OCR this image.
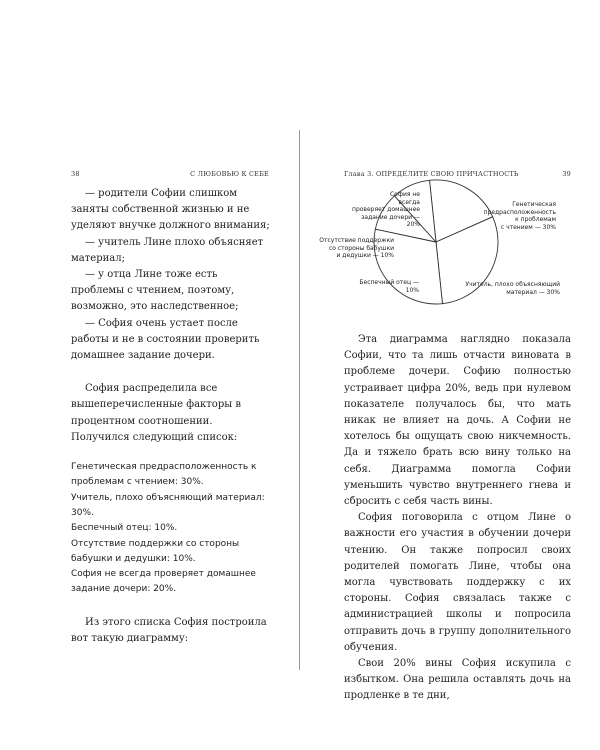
38	С ЛЮБОВЬЮ К СЕБЕ

— родители Софии слишком заняты собственной жизнью и не уделяют внучке должного внимания;

— учитель Лине плохо объясняет материал;

— у отца Лине тоже есть проблемы с чтением, поэтому, возможно, это наследственное;

— София очень устает после работы и не в состоянии проверить домашнее задание дочери.

София распределила все вышеперечисленные факторы в процентном соотношении. Получился следующий список:

Генетическая предрасположенность к проблемам с чтением: 30%.

Учитель, плохо объясняющий материал: 30%.

Беспечный отец: 10%.

Отсутствие поддержки со стороны бабушки и дедушки: 10%.

София не всегда проверяет домашнее задание дочери: 20%.

Из этого списка София построила вот такую диаграмму:

Глава 3. ОПРЕДЕЛИТЕ СВОЮ ПРИЧАСТНОСТЬ	39
София не
всегда
проверяет домашнее
задание дочери — 20%
Генетическая
предрасположенность
к проблемам
с чтением — 30%
Учитель, плохо объясняющий
материал — 30%
Беспечный отец — 10%
Отсутствие поддержки
со стороны бабушки
и дедушки — 10%

Эта диаграмма наглядно показала Софии, что та лишь отчасти виновата в проблеме дочери. Софию полностью устраивает цифра 20%, ведь при нулевом показателе получалось бы, что мать никак не влияет на дочь. А Софии не хотелось бы ощущать свою никчемность. Да и тяжело брать всю вину только на себя. Диаграмма помогла Софии уменьшить чувство внутреннего гнева и сбросить с себя часть вины.

София поговорила с отцом Лине о важности его участия в обучении дочери чтению. Он также попросил своих родителей помогать Лине, чтобы она могла чувствовать поддержку с их стороны. София связалась также с администрацией школы и попросила отправить дочь в группу дополнительного обучения.

Свои 20% вины София искупила с избытком. Она решила оставлять дочь на продленке в те дни,
